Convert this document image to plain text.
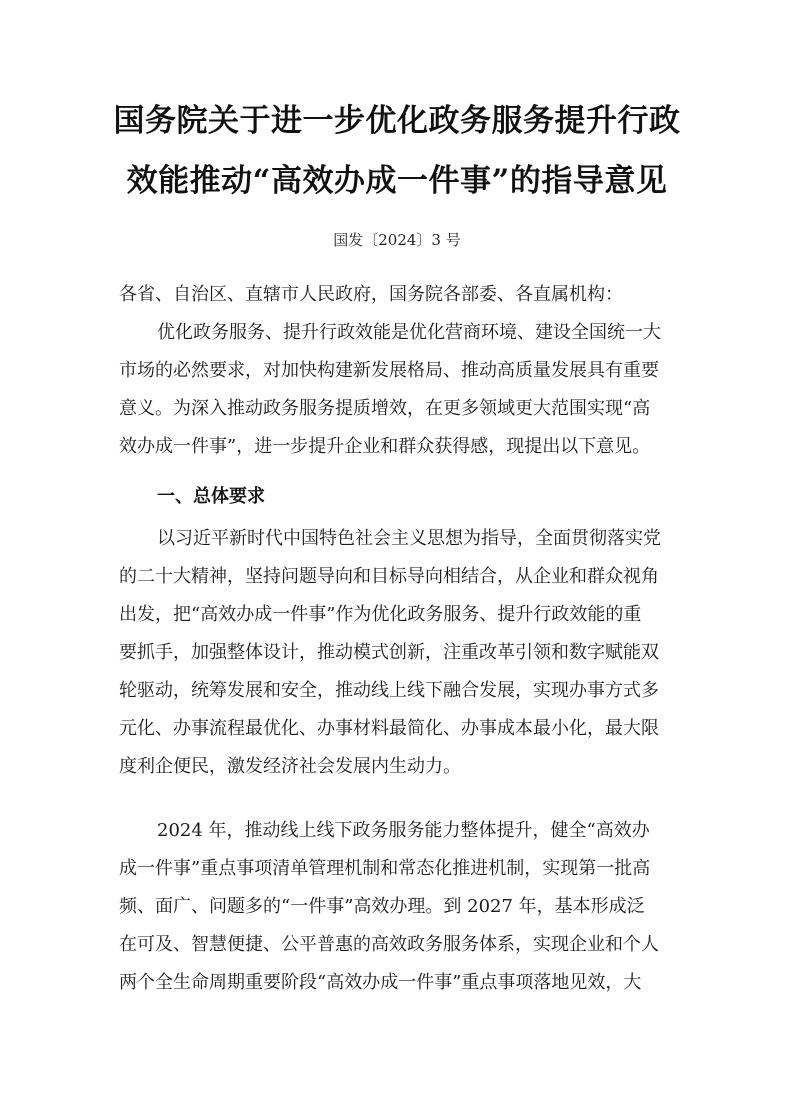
国务院关于进一步优化政务服务提升行政
效能推动“高效办成一件事”的指导意见
国发〔2024〕3 号

各省、自治区、直辖市人民政府，国务院各部委、各直属机构：

优化政务服务、提升行政效能是优化营商环境、建设全国统一大
市场的必然要求，对加快构建新发展格局、推动高质量发展具有重要
意义。为深入推动政务服务提质增效，在更多领域更大范围实现“高
效办成一件事”，进一步提升企业和群众获得感，现提出以下意见。
一、总体要求
以习近平新时代中国特色社会主义思想为指导，全面贯彻落实党
的二十大精神，坚持问题导向和目标导向相结合，从企业和群众视角
出发，把“高效办成一件事”作为优化政务服务、提升行政效能的重
要抓手，加强整体设计，推动模式创新，注重改革引领和数字赋能双
轮驱动，统筹发展和安全，推动线上线下融合发展，实现办事方式多
元化、办事流程最优化、办事材料最简化、办事成本最小化，最大限
度利企便民，激发经济社会发展内生动力。
2024 年，推动线上线下政务服务能力整体提升，健全“高效办
成一件事”重点事项清单管理机制和常态化推进机制，实现第一批高
频、面广、问题多的“一件事”高效办理。到 2027 年，基本形成泛
在可及、智慧便捷、公平普惠的高效政务服务体系，实现企业和个人
两个全生命周期重要阶段“高效办成一件事”重点事项落地见效，大
